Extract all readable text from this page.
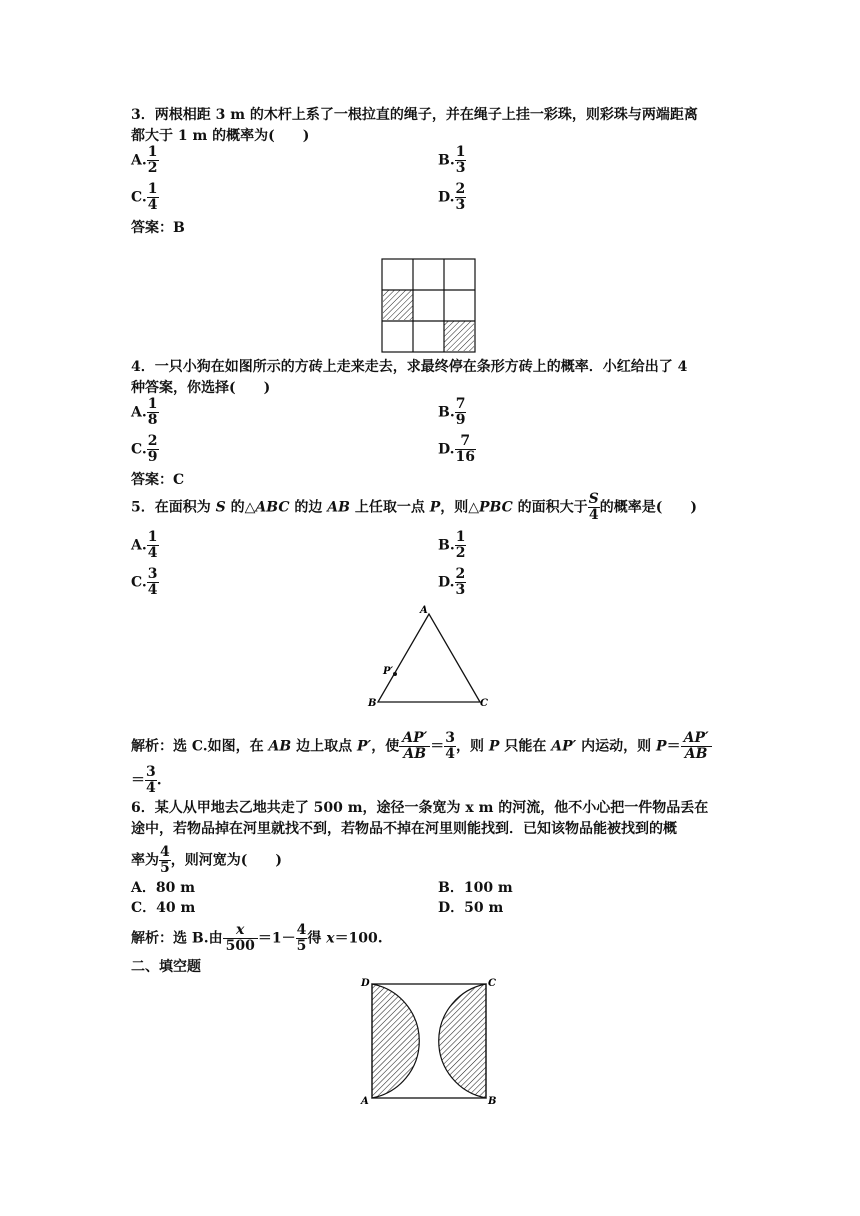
3．两根相距 3 m 的木杆上系了一根拉直的绳子，并在绳子上挂一彩珠，则彩珠与两端距离
都大于 1 m 的概率为(　　)
A. $\frac{1}{2}$	B. $\frac{1}{3}$
C. $\frac{1}{4}$	D. $\frac{2}{3}$
答案：B
4．一只小狗在如图所示的方砖上走来走去，求最终停在条形方砖上的概率．小红给出了 4
种答案，你选择(　　)
A. $\frac{1}{8}$	B. $\frac{7}{9}$
C. $\frac{2}{9}$	D. $\frac{7}{16}$
答案：C
5．在面积为 S 的△ABC 的边 AB 上任取一点 P，则△PBC 的面积大于 $\frac{S}{4}$ 的概率是(　　)
A. $\frac{1}{4}$	B. $\frac{1}{2}$
C. $\frac{3}{4}$	D. $\frac{2}{3}$
A
B	C
P′
解析：选 C.如图，在 AB 边上取点 P′，使 $\frac{AP'}{AB} = \frac{3}{4}$ ，则 P 只能在 AP′ 内运动，则 $P= \frac{AP'}{AB}$
＝ $\frac{3}{4}$ .
6．某人从甲地去乙地共走了 500 m，途径一条宽为 x m 的河流，他不小心把一件物品丢在
途中，若物品掉在河里就找不到，若物品不掉在河里则能找到．已知该物品能被找到的概
率为 $\frac{4}{5}$ ，则河宽为(　　)
A．80 m	B．100 m
C．40 m	D．50 m
解析：选 B.由 $\frac{x}{500} =1- \frac{4}{5}$ 得 x＝100.
二、填空题
D	C
A	B
